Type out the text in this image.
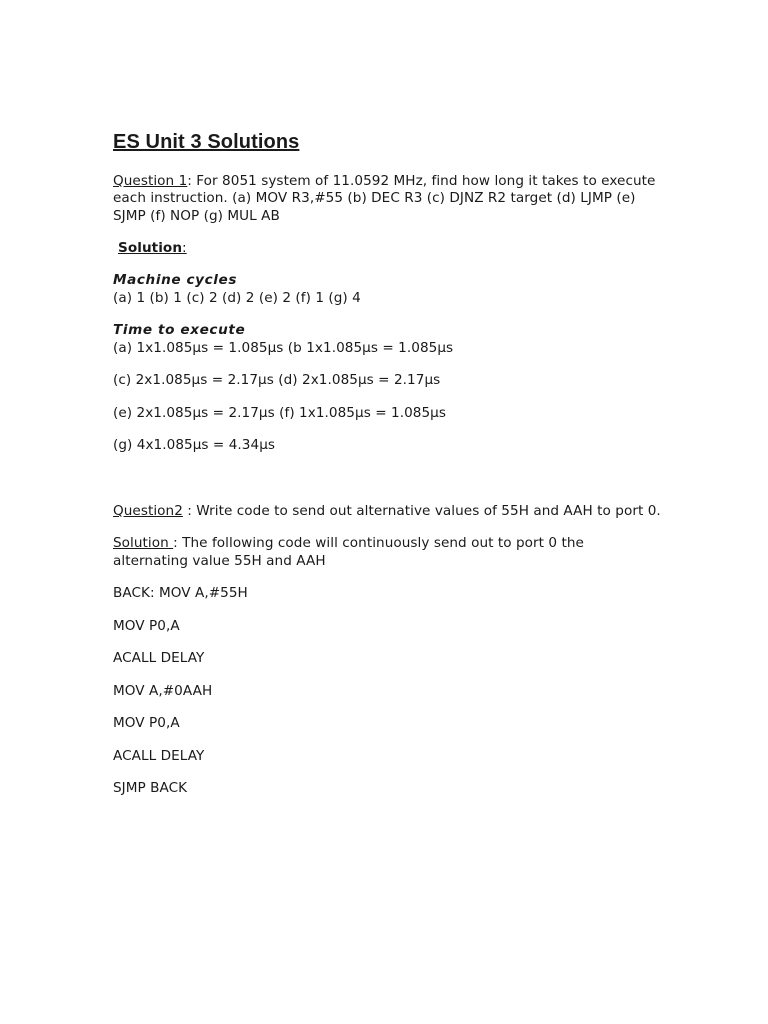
ES Unit 3 Solutions
Question 1: For 8051 system of 11.0592 MHz, find how long it takes to execute
each instruction. (a) MOV R3,#55 (b) DEC R3 (c) DJNZ R2 target (d) LJMP (e)
SJMP (f) NOP (g) MUL AB
Solution:
Machine cycles
(a) 1 (b) 1 (c) 2 (d) 2 (e) 2 (f) 1 (g) 4
Time to execute
(a) 1x1.085μs = 1.085μs (b 1x1.085μs = 1.085μs
(c) 2x1.085μs = 2.17μs (d) 2x1.085μs = 2.17μs
(e) 2x1.085μs = 2.17μs (f) 1x1.085μs = 1.085μs
(g) 4x1.085μs = 4.34μs
Question2 : Write code to send out alternative values of 55H and AAH to port 0.
Solution : The following code will continuously send out to port 0 the
alternating value 55H and AAH
BACK: MOV A,#55H
MOV P0,A
ACALL DELAY
MOV A,#0AAH
MOV P0,A
ACALL DELAY
SJMP BACK
